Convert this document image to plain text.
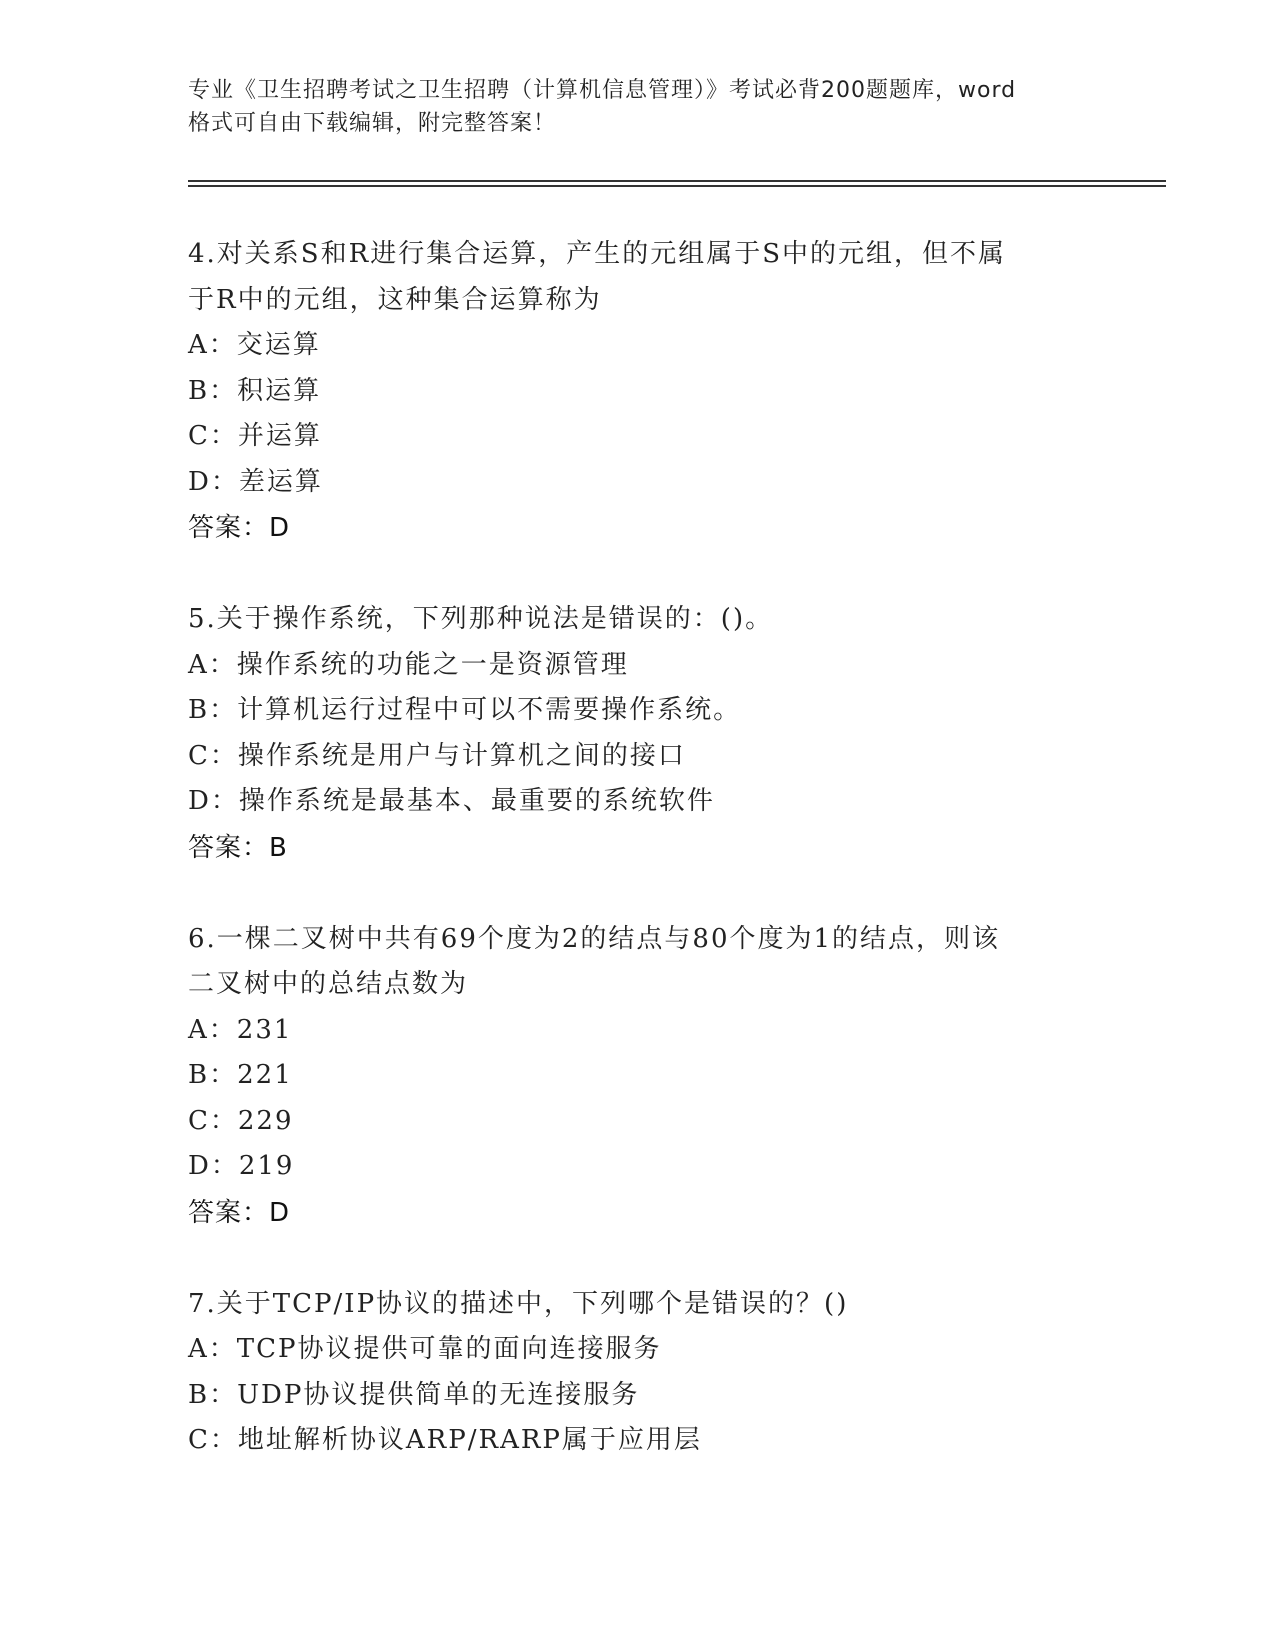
专业《卫生招聘考试之卫生招聘（计算机信息管理）》考试必背200题题库，word
格式可自由下载编辑，附完整答案！

4.对关系S和R进行集合运算，产生的元组属于S中的元组，但不属

于R中的元组，这种集合运算称为

A：交运算
B：积运算
C：并运算
D：差运算

答案：D

5.关于操作系统，下列那种说法是错误的：()。

A：操作系统的功能之一是资源管理
B：计算机运行过程中可以不需要操作系统。
C：操作系统是用户与计算机之间的接口
D：操作系统是最基本、最重要的系统软件

答案：B

6.一棵二叉树中共有69个度为2的结点与80个度为1的结点，则该

二叉树中的总结点数为

A：231
B：221
C：229
D：219

答案：D

7.关于TCP/IP协议的描述中，下列哪个是错误的？()

A：TCP协议提供可靠的面向连接服务
B：UDP协议提供简单的无连接服务
C：地址解析协议ARP/RARP属于应用层
